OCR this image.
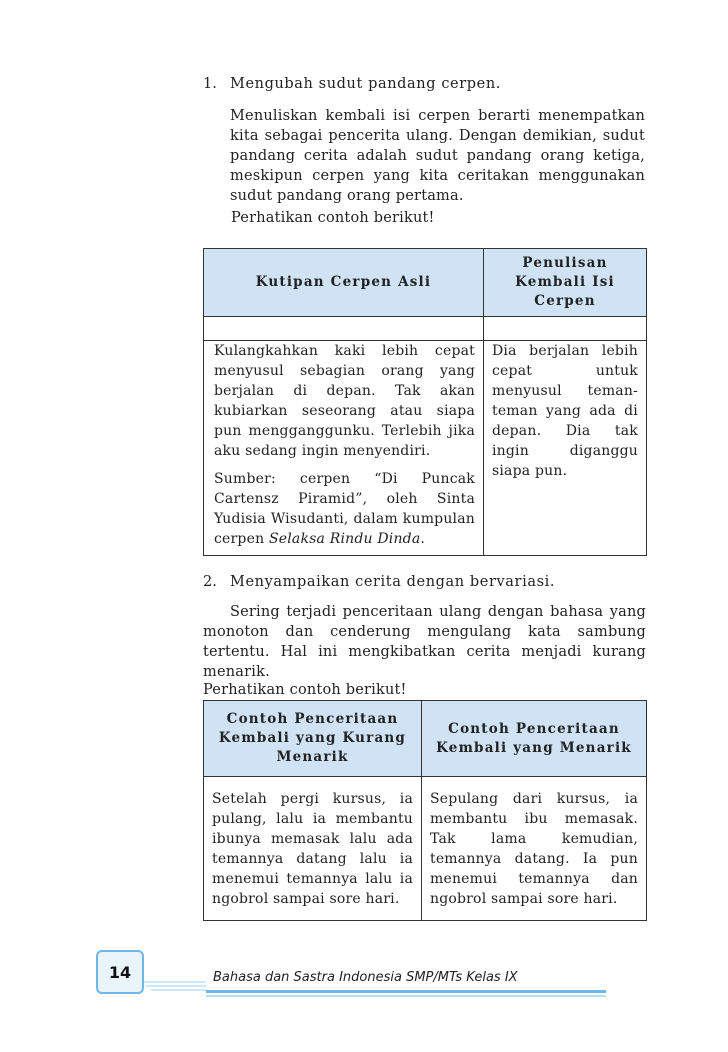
1. Mengubah sudut pandang cerpen.
Menuliskan kembali isi cerpen berarti menempatkan kita sebagai pencerita ulang. Dengan demikian, sudut pandang cerita adalah sudut pandang orang ketiga, meskipun cerpen yang kita ceritakan menggunakan sudut pandang orang pertama.
Perhatikan contoh berikut!
Kutipan Cerpen Asli	Penulisan Kembali Isi Cerpen

Kulangkahkan kaki lebih cepat menyusul sebagian orang yang berjalan di depan. Tak akan kubiarkan seseorang atau siapa pun mengganggunku. Terlebih jika aku sedang ingin menyendiri.
Sumber: cerpen “Di Puncak Cartensz Piramid”, oleh Sinta Yudisia Wisudanti, dalam kumpulan cerpen Selaksa Rindu Dinda.	Dia berjalan lebih cepat untuk menyusul teman-teman yang ada di depan. Dia tak ingin diganggu siapa pun.
2. Menyampaikan cerita dengan bervariasi.
Sering terjadi penceritaan ulang dengan bahasa yang monoton dan cenderung mengulang kata sambung tertentu. Hal ini mengkibatkan cerita menjadi kurang menarik.
Perhatikan contoh berikut!
Contoh Penceritaan Kembali yang Kurang Menarik	Contoh Penceritaan Kembali yang Menarik

Setelah pergi kursus, ia pulang, lalu ia membantu ibunya memasak lalu ada temannya datang lalu ia menemui temannya lalu ia ngobrol sampai sore hari.	Sepulang dari kursus, ia membantu ibu memasak. Tak lama kemudian, temannya datang. Ia pun menemui temannya dan ngobrol sampai sore hari.
14	Bahasa dan Sastra Indonesia SMP/MTs Kelas IX
